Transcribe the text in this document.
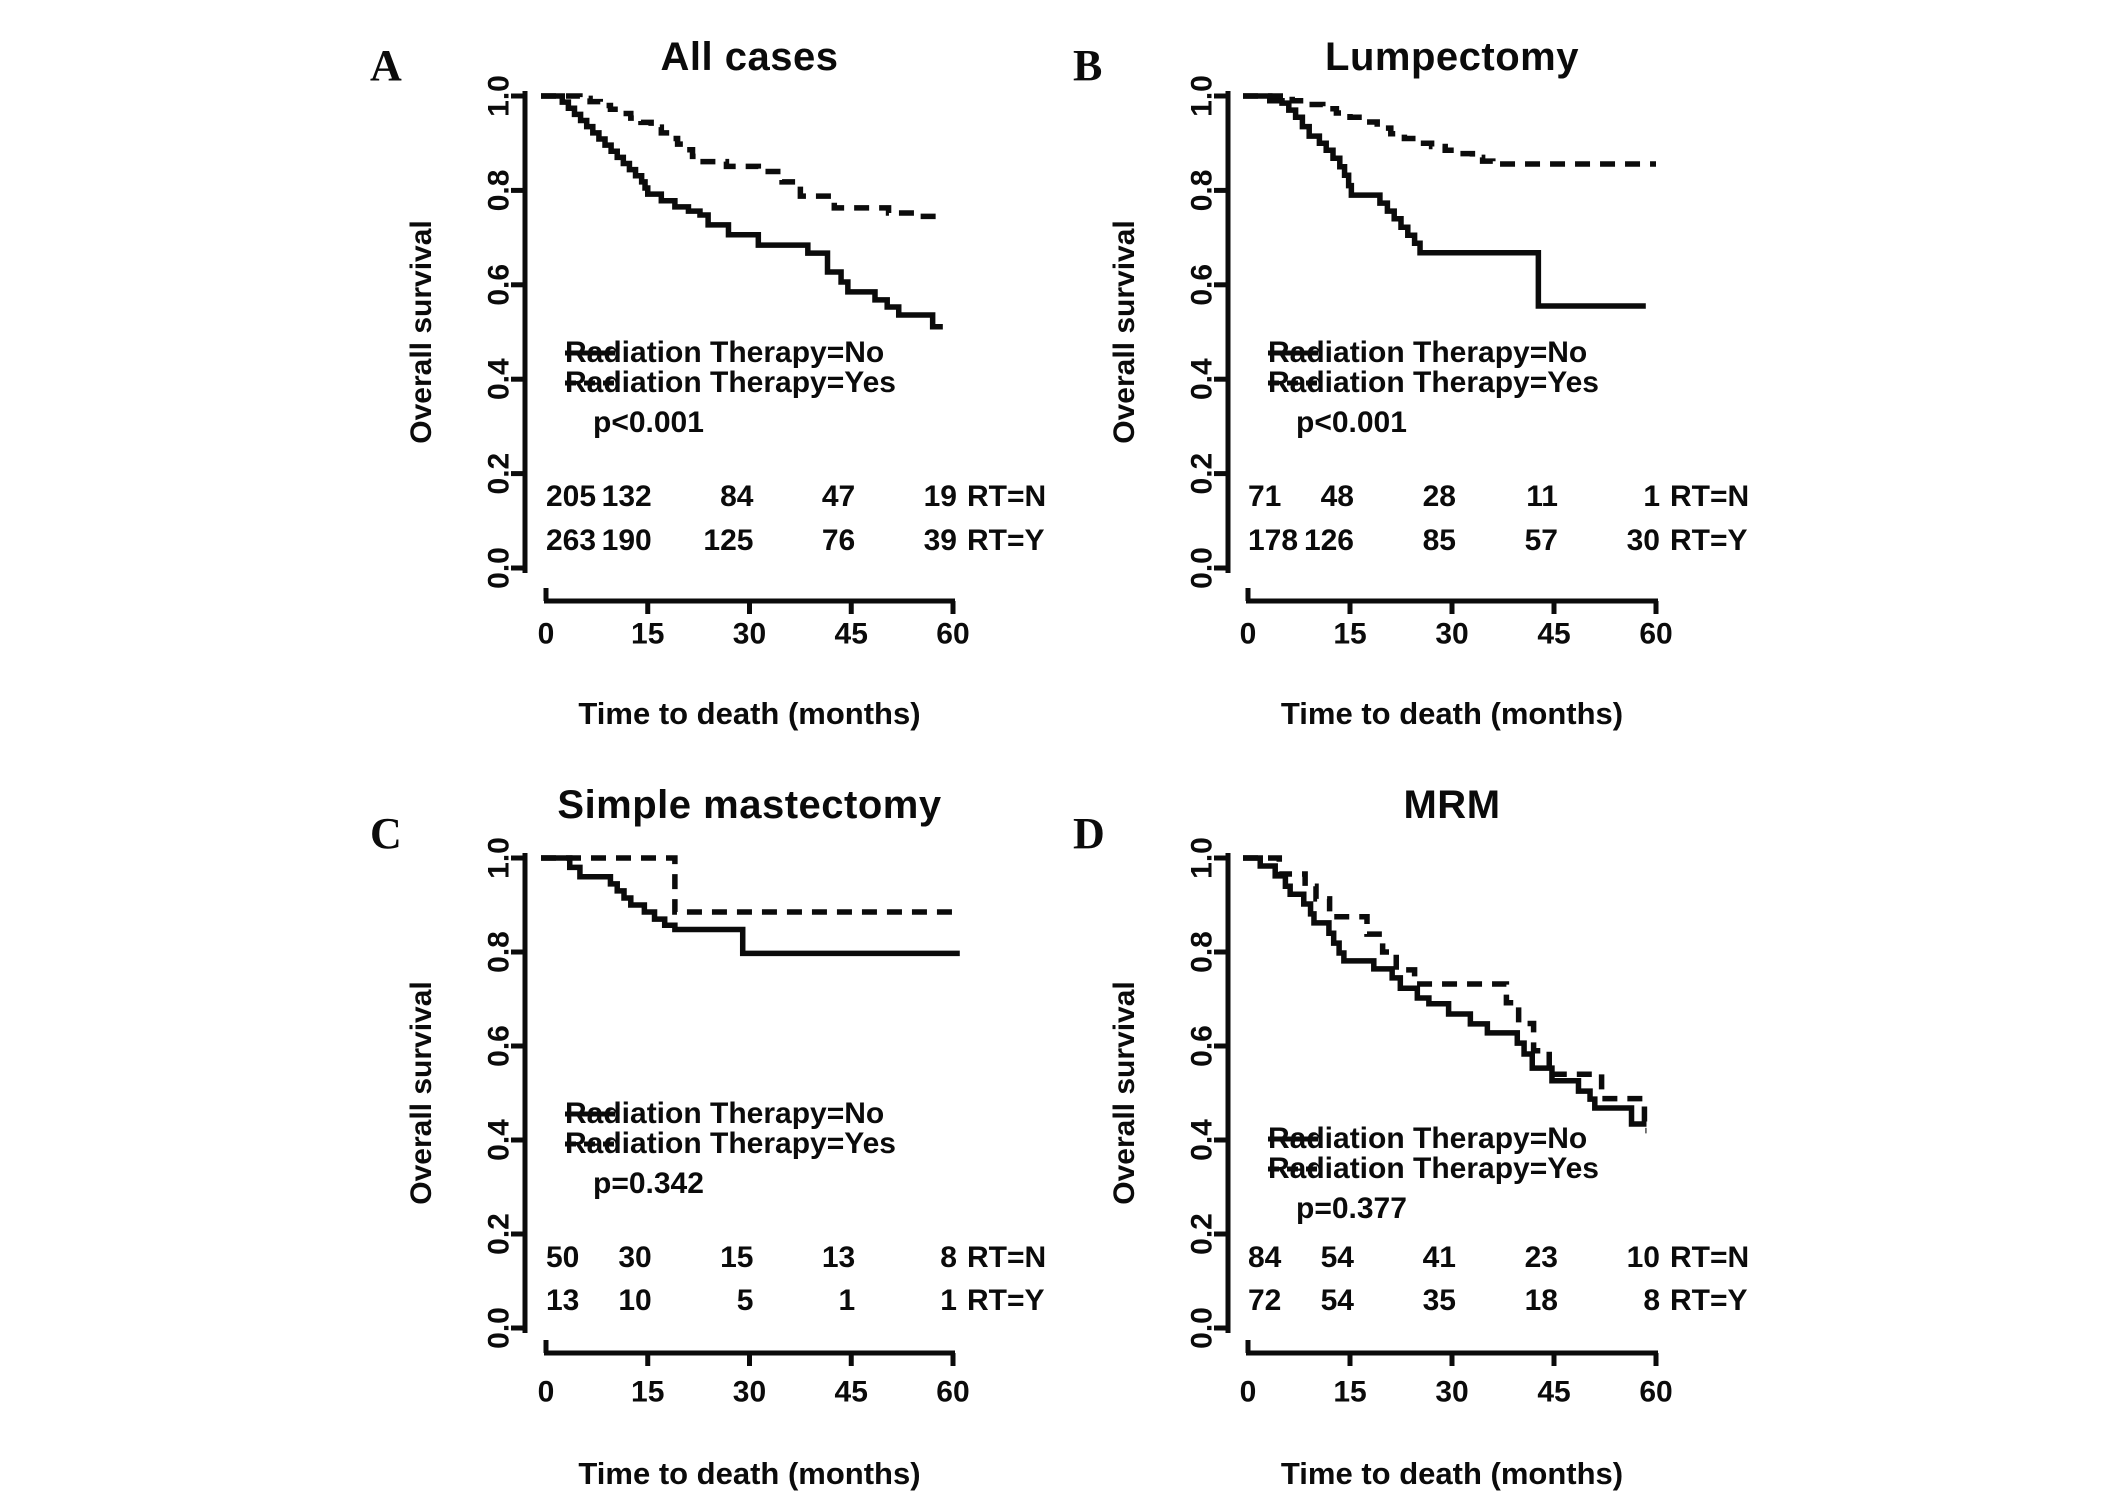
0.0
0.2
0.4
0.6
0.8
1.0
0	15 30 45 60
0.0
0.2
0.4
0.6
0.8
1.0
0	15 30 45 60
0.0
0.2
0.4
0.6
0.8
1.0
0	15 30 45 60
0.0
0.2
0.4
0.6
0.8
1.0
0	15 30 45 60
All cases
A
Overall survival
Time to death (months)
Radiation Therapy=No
Radiation Therapy=Yes
p<0.001
205 132 84 47 19 RT=N
263 190 125 76 39 RT=Y
Lumpectomy
B
Overall survival
Time to death (months)
Radiation Therapy=No
Radiation Therapy=Yes
p<0.001
71 48 28 11	1 RT=N
178 126 85 57 30 RT=Y
Simple mastectomy
C
Overall survival
Time to death (months)
Radiation Therapy=No
Radiation Therapy=Yes
p=0.342
50 30 15 13	8 RT=N
13 10	5	1	1 RT=Y
MRM
D
Overall survival
Time to death (months)
Radiation Therapy=No
Radiation Therapy=Yes
p=0.377
84 54 41 23 10 RT=N
72 54 35 18	8 RT=Y
